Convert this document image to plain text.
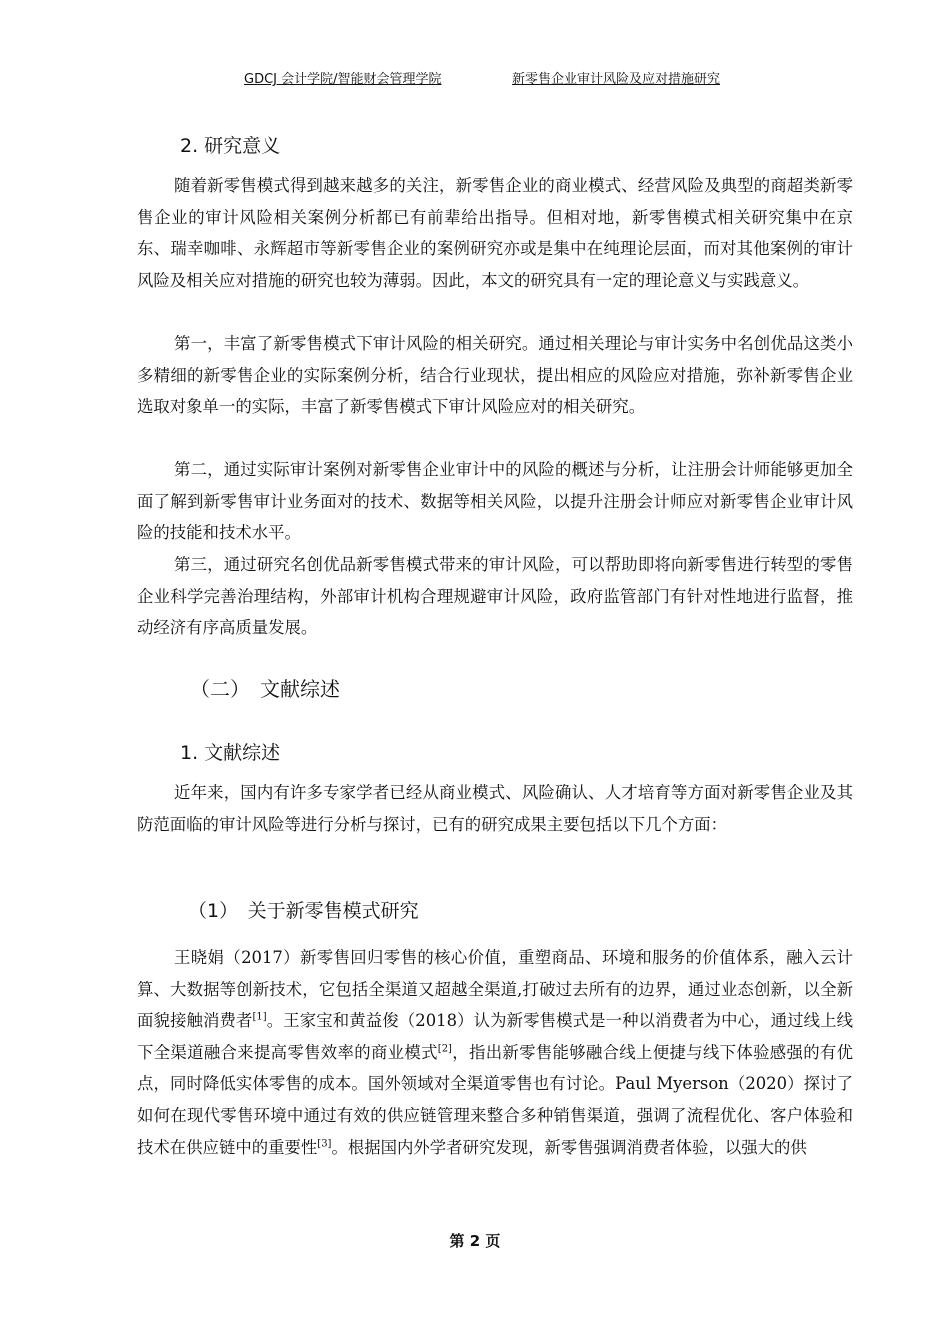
GDCJ 会计学院/智能财会管理学院	新零售企业审计风险及应对措施研究
2. 研究意义

随着新零售模式得到越来越多的关注，新零售企业的商业模式、经营风险及典型的商超类新零售企业的审计风险相关案例分析都已有前辈给出指导。但相对地，新零售模式相关研究集中在京东、瑞幸咖啡、永辉超市等新零售企业的案例研究亦或是集中在纯理论层面，而对其他案例的审计风险及相关应对措施的研究也较为薄弱。因此，本文的研究具有一定的理论意义与实践意义。

第一，丰富了新零售模式下审计风险的相关研究。通过相关理论与审计实务中名创优品这类小多精细的新零售企业的实际案例分析，结合行业现状，提出相应的风险应对措施，弥补新零售企业选取对象单一的实际，丰富了新零售模式下审计风险应对的相关研究。

第二，通过实际审计案例对新零售企业审计中的风险的概述与分析，让注册会计师能够更加全面了解到新零售审计业务面对的技术、数据等相关风险，以提升注册会计师应对新零售企业审计风险的技能和技术水平。

第三，通过研究名创优品新零售模式带来的审计风险，可以帮助即将向新零售进行转型的零售企业科学完善治理结构，外部审计机构合理规避审计风险，政府监管部门有针对性地进行监督，推动经济有序高质量发展。

（二）　文献综述
1. 文献综述

近年来，国内有许多专家学者已经从商业模式、风险确认、人才培育等方面对新零售企业及其防范面临的审计风险等进行分析与探讨，已有的研究成果主要包括以下几个方面：

（1）　关于新零售模式研究

王晓娟（2017）新零售回归零售的核心价值，重塑商品、环境和服务的价值体系，融入云计算、大数据等创新技术，它包括全渠道又超越全渠道,打破过去所有的边界，通过业态创新，以全新面貌接触消费者[1]。王家宝和黄益俊（2018）认为新零售模式是一种以消费者为中心，通过线上线下全渠道融合来提高零售效率的商业模式[2]，指出新零售能够融合线上便捷与线下体验感强的有优点，同时降低实体零售的成本。国外领域对全渠道零售也有讨论。Paul Myerson（2020）探讨了如何在现代零售环境中通过有效的供应链管理来整合多种销售渠道，强调了流程优化、客户体验和技术在供应链中的重要性[3]。根据国内外学者研究发现，新零售强调消费者体验，以强大的供

第 2 页
